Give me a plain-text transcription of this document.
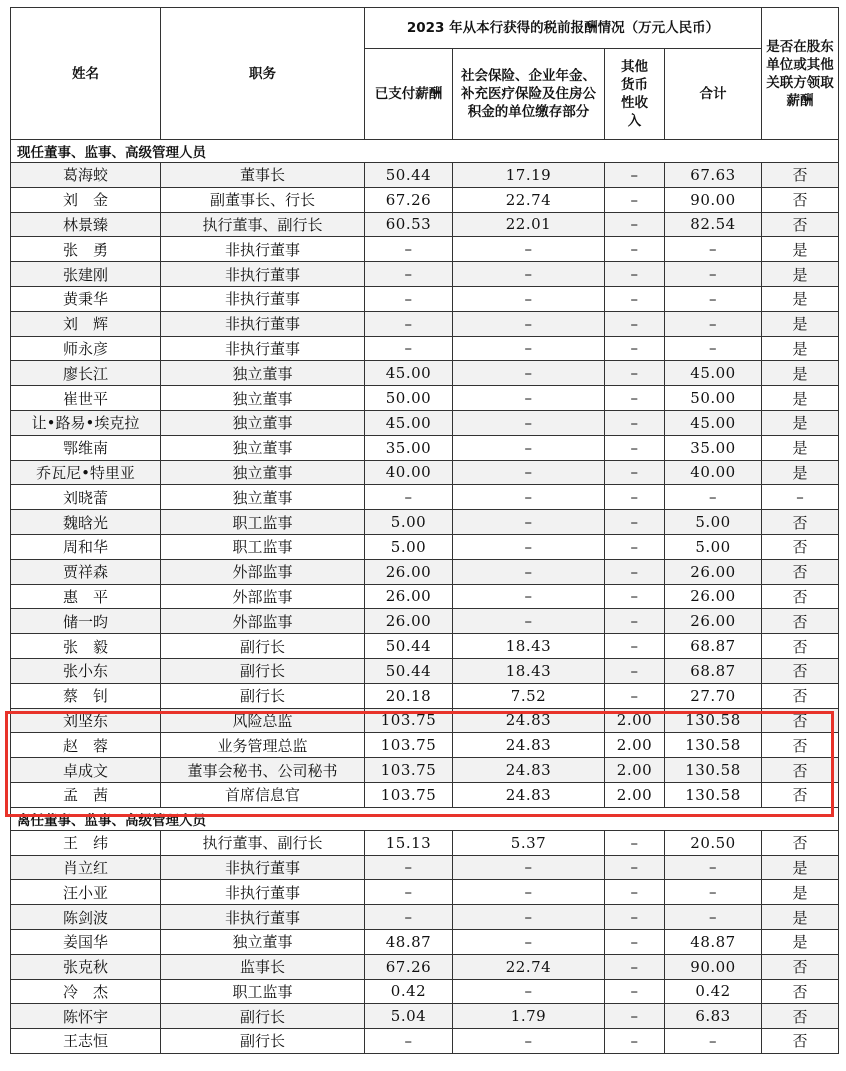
姓名	职务	2023 年从本行获得的税前报酬情况（万元人民币）				是否在股东单位或其他关联方领取薪酬
		已支付薪酬	社会保险、企业年金、补充医疗保险及住房公积金的单位缴存部分	其他货币性收入	合计	
现任董事、监事、高级管理人员						
葛海蛟	董事长	50.44	17.19	–	67.63	否
刘　金	副董事长、行长	67.26	22.74	–	90.00	否
林景臻	执行董事、副行长	60.53	22.01	–	82.54	否
张　勇	非执行董事	–	–	–	–	是
张建刚	非执行董事	–	–	–	–	是
黄秉华	非执行董事	–	–	–	–	是
刘　辉	非执行董事	–	–	–	–	是
师永彦	非执行董事	–	–	–	–	是
廖长江	独立董事	45.00	–	–	45.00	是
崔世平	独立董事	50.00	–	–	50.00	是
让•路易•埃克拉	独立董事	45.00	–	–	45.00	是
鄂维南	独立董事	35.00	–	–	35.00	是
乔瓦尼•特里亚	独立董事	40.00	–	–	40.00	是
刘晓蕾	独立董事	–	–	–	–	–
魏晗光	职工监事	5.00	–	–	5.00	否
周和华	职工监事	5.00	–	–	5.00	否
贾祥森	外部监事	26.00	–	–	26.00	否
惠　平	外部监事	26.00	–	–	26.00	否
储一昀	外部监事	26.00	–	–	26.00	否
张　毅	副行长	50.44	18.43	–	68.87	否
张小东	副行长	50.44	18.43	–	68.87	否
蔡　钊	副行长	20.18	7.52	–	27.70	否
刘坚东	风险总监	103.75	24.83	2.00	130.58	否
赵　蓉	业务管理总监	103.75	24.83	2.00	130.58	否
卓成文	董事会秘书、公司秘书	103.75	24.83	2.00	130.58	否
孟　茜	首席信息官	103.75	24.83	2.00	130.58	否
离任董事、监事、高级管理人员						
王　纬	执行董事、副行长	15.13	5.37	–	20.50	否
肖立红	非执行董事	–	–	–	–	是
汪小亚	非执行董事	–	–	–	–	是
陈剑波	非执行董事	–	–	–	–	是
姜国华	独立董事	48.87	–	–	48.87	是
张克秋	监事长	67.26	22.74	–	90.00	否
冷　杰	职工监事	0.42	–	–	0.42	否
陈怀宇	副行长	5.04	1.79	–	6.83	否
王志恒	副行长	–	–	–	–	否
